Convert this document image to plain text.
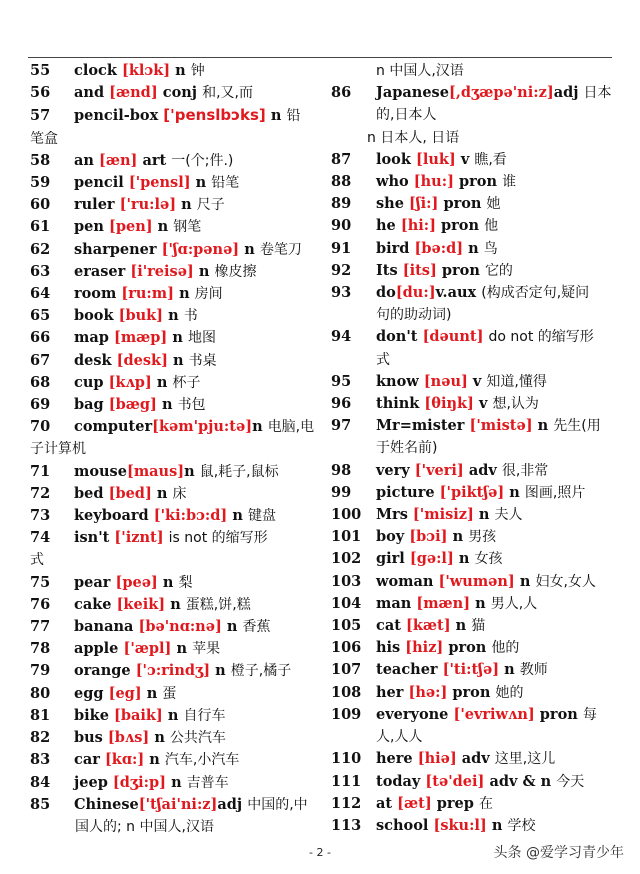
55 clock [klɔk] n 钟
56 and [ænd] conj 和,又,而
57 pencil-box ['penslbɔks] n 铅
笔盒
58 an [æn] art 一(个;件.)
59 pencil ['pensl] n 铅笔
60 ruler ['ru:lə] n 尺子
61 pen [pen] n 钢笔
62 sharpener ['ʃɑ:pənə] n 卷笔刀
63 eraser [i'reisə] n 橡皮擦
64 room [ru:m] n 房间
65 book [buk] n 书
66 map [mæp] n 地图
67 desk [desk] n 书桌
68 cup [kʌp] n 杯子
69 bag [bæg] n 书包
70 computer[kəm'pju:tə]n 电脑,电
子计算机
71 mouse[maus]n 鼠,耗子,鼠标
72 bed [bed] n 床
73 keyboard ['ki:bɔ:d] n 键盘
74 isn't ['iznt] is not 的缩写形
式
75 pear [peə] n 梨
76 cake [keik] n 蛋糕,饼,糕
77 banana [bə'nɑ:nə] n 香蕉
78 apple ['æpl] n 苹果
79 orange ['ɔ:rindʒ] n 橙子,橘子
80 egg [eg] n 蛋
81 bike [baik] n 自行车
82 bus [bʌs] n 公共汽车
83 car [kɑ:] n 汽车,小汽车
84 jeep [dʒi:p] n 吉普车
85 Chinese['tʃai'ni:z]adj 中国的,中
国人的; n 中国人,汉语
n 中国人,汉语
86 Japanese[,dʒæpə'ni:z]adj 日本
的,日本人
n 日本人, 日语
87 look [luk] v 瞧,看
88 who [hu:] pron 谁
89 she [ʃi:] pron 她
90 he [hi:] pron 他
91 bird [bə:d] n 鸟
92 Its [its] pron 它的
93 do[du:]v.aux (构成否定句,疑问
句的助动词)
94 don't [dəunt] do not 的缩写形
式
95 know [nəu] v 知道,懂得
96 think [θiŋk] v 想,认为
97 Mr=mister ['mistə] n 先生(用
于姓名前)
98 very ['veri] adv 很,非常
99 picture ['piktʃə] n 图画,照片
100 Mrs ['misiz] n 夫人
101 boy [bɔi] n 男孩
102 girl [gə:l] n 女孩
103 woman ['wumən] n 妇女,女人
104 man [mæn] n 男人,人
105 cat [kæt] n 猫
106 his [hiz] pron 他的
107 teacher ['ti:tʃə] n 教师
108 her [hə:] pron 她的
109 everyone ['evriwʌn] pron 每
人,人人
110 here [hiə] adv 这里,这儿
111 today [tə'dei] adv & n 今天
112 at [æt] prep 在
113 school [sku:l] n 学校
- 2 -	头条 @爱学习青少年
